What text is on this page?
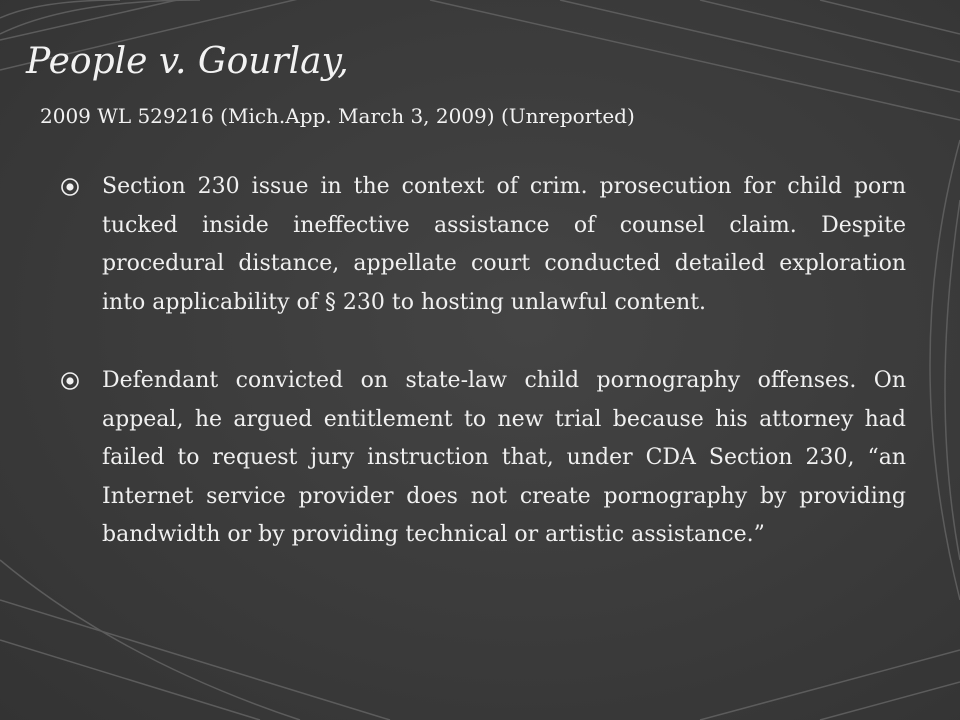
People v. Gourlay,
2009 WL 529216 (Mich.App. March 3, 2009) (Unreported)
Section 230 issue in the context of crim. prosecution for child porn tucked inside ineffective assistance of counsel claim. Despite procedural distance, appellate court conducted detailed exploration into applicability of § 230 to hosting unlawful content.
Defendant convicted on state-law child pornography offenses. On appeal, he argued entitlement to new trial because his attorney had failed to request jury instruction that, under CDA Section 230, “an Internet service provider does not create pornography by providing bandwidth or by providing technical or artistic assistance.”
